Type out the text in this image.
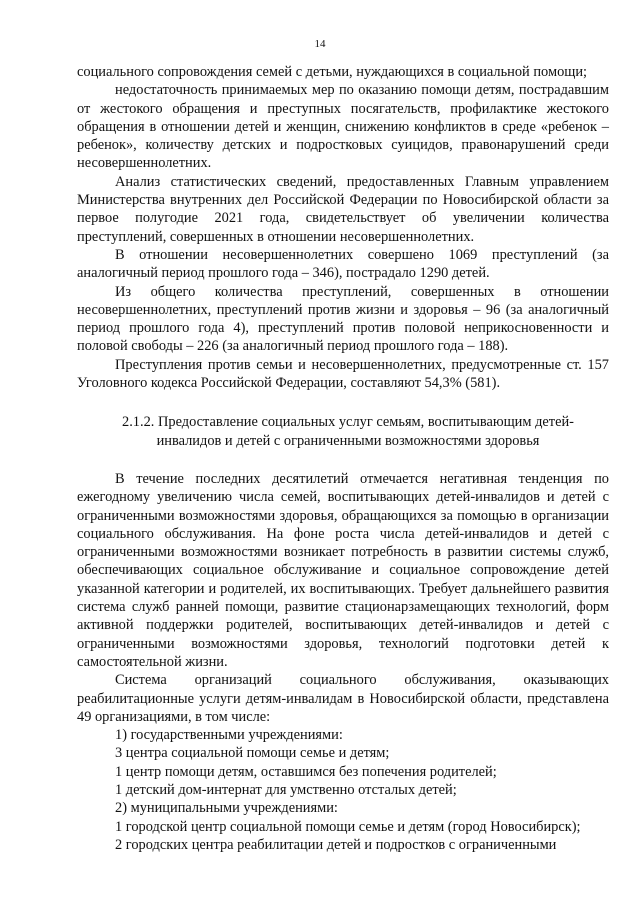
14

социального сопровождения семей с детьми, нуждающихся в социальной помощи;

недостаточность принимаемых мер по оказанию помощи детям, пострадавшим от жестокого обращения и преступных посягательств, профилактике жестокого обращения в отношении детей и женщин, снижению конфликтов в среде «ребенок – ребенок», количеству детских и подростковых суицидов, правонарушений среди несовершеннолетних.

Анализ статистических сведений, предоставленных Главным управлением Министерства внутренних дел Российской Федерации по Новосибирской области за первое полугодие 2021 года, свидетельствует об увеличении количества преступлений, совершенных в отношении несовершеннолетних.

В отношении несовершеннолетних совершено 1069 преступлений (за аналогичный период прошлого года – 346), пострадало 1290 детей.

Из общего количества преступлений, совершенных в отношении несовершеннолетних, преступлений против жизни и здоровья – 96 (за аналогичный период прошлого года 4), преступлений против половой неприкосновенности и половой свободы – 226 (за аналогичный период прошлого года – 188).

Преступления против семьи и несовершеннолетних, предусмотренные ст. 157 Уголовного кодекса Российской Федерации, составляют 54,3% (581).

2.1.2. Предоставление социальных услуг семьям, воспитывающим детей-
инвалидов и детей с ограниченными возможностями здоровья

В течение последних десятилетий отмечается негативная тенденция по ежегодному увеличению числа семей, воспитывающих детей-инвалидов и детей с ограниченными возможностями здоровья, обращающихся за помощью в организации социального обслуживания. На фоне роста числа детей-инвалидов и детей с ограниченными возможностями возникает потребность в развитии системы служб, обеспечивающих социальное обслуживание и социальное сопровождение детей указанной категории и родителей, их воспитывающих. Требует дальнейшего развития система служб ранней помощи, развитие стационарзамещающих технологий, форм активной поддержки родителей, воспитывающих детей-инвалидов и детей с ограниченными возможностями здоровья, технологий подготовки детей к самостоятельной жизни.

Система организаций социального обслуживания, оказывающих реабилитационные услуги детям-инвалидам в Новосибирской области, представлена 49 организациями, в том числе:

1) государственными учреждениями:

3 центра социальной помощи семье и детям;

1 центр помощи детям, оставшимся без попечения родителей;

1 детский дом-интернат для умственно отсталых детей;

2) муниципальными учреждениями:

1 городской центр социальной помощи семье и детям (город Новосибирск);

2 городских центра реабилитации детей и подростков с ограниченными
